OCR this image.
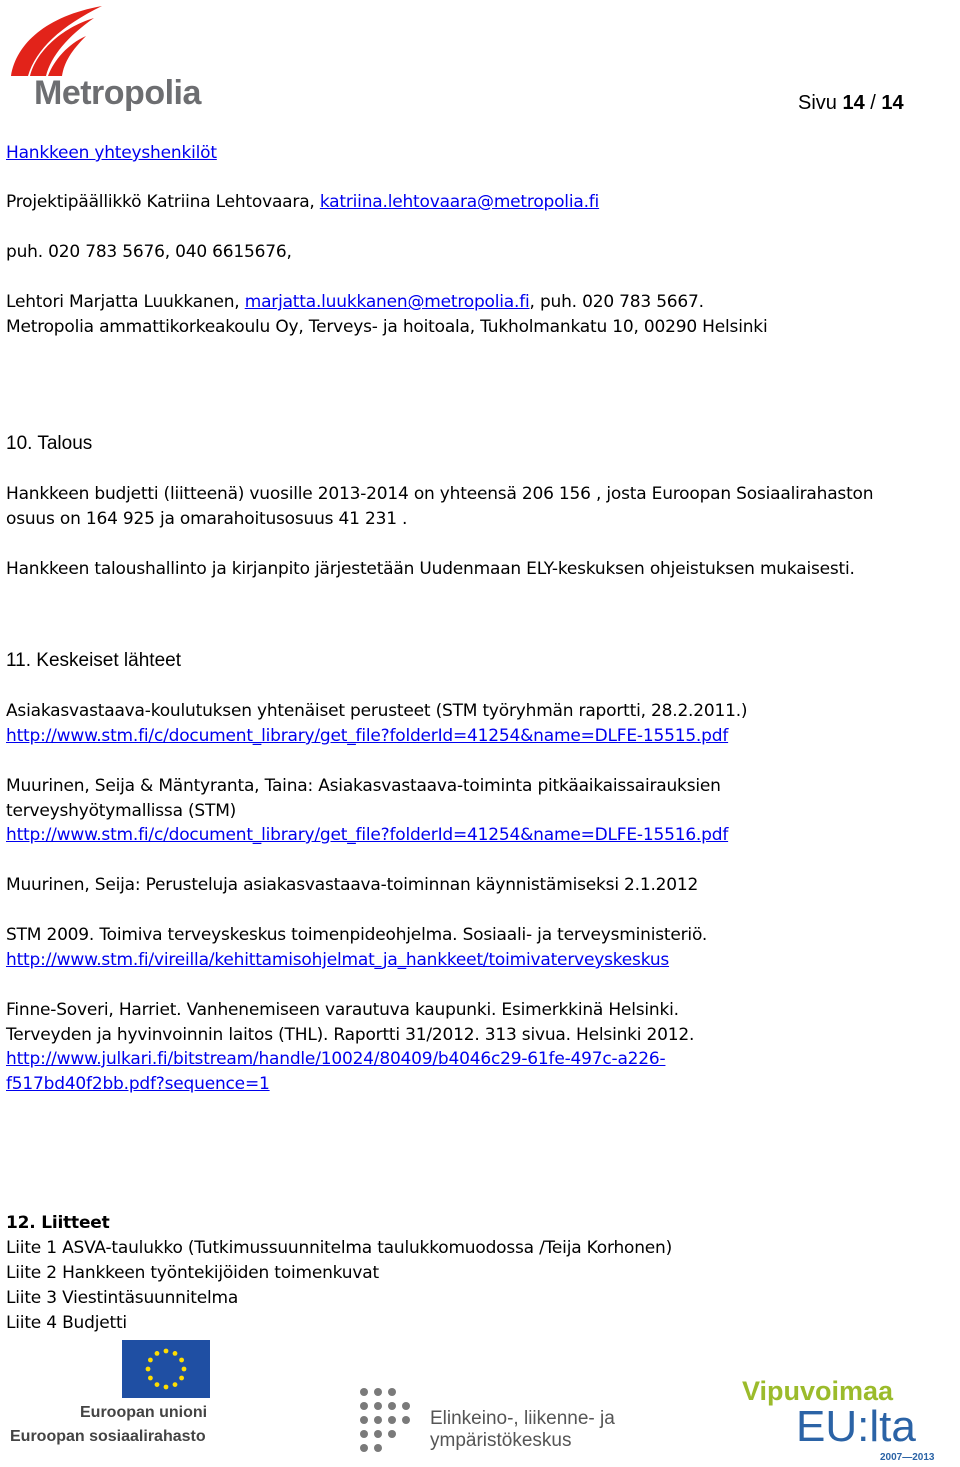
Metropolia	Sivu 14 / 14
Hankkeen yhteyshenkilöt
Projektipäällikkö Katriina Lehtovaara, katriina.lehtovaara@metropolia.fi
puh. 020 783 5676, 040 6615676,
Lehtori Marjatta Luukkanen, marjatta.luukkanen@metropolia.fi, puh. 020 783 5667.
Metropolia ammattikorkeakoulu Oy, Terveys- ja hoitoala, Tukholmankatu 10, 00290 Helsinki
10. Talous
Hankkeen budjetti (liitteenä) vuosille 2013-2014 on yhteensä 206 156 , josta Euroopan Sosiaalirahaston
osuus on 164 925 ja omarahoitusosuus 41 231 .
Hankkeen taloushallinto ja kirjanpito järjestetään Uudenmaan ELY-keskuksen ohjeistuksen mukaisesti.
11. Keskeiset lähteet
Asiakasvastaava-koulutuksen yhtenäiset perusteet (STM työryhmän raportti, 28.2.2011.)
http://www.stm.fi/c/document_library/get_file?folderId=41254&name=DLFE-15515.pdf
Muurinen, Seija & Mäntyranta, Taina: Asiakasvastaava-toiminta pitkäaikaissairauksien
terveyshyötymallissa (STM)
http://www.stm.fi/c/document_library/get_file?folderId=41254&name=DLFE-15516.pdf
Muurinen, Seija: Perusteluja asiakasvastaava-toiminnan käynnistämiseksi 2.1.2012
STM 2009. Toimiva terveyskeskus toimenpideohjelma. Sosiaali- ja terveysministeriö.
http://www.stm.fi/vireilla/kehittamisohjelmat_ja_hankkeet/toimivaterveyskeskus
Finne-Soveri, Harriet. Vanhenemiseen varautuva kaupunki. Esimerkkinä Helsinki.
Terveyden ja hyvinvoinnin laitos (THL). Raportti 31/2012. 313 sivua. Helsinki 2012.
http://www.julkari.fi/bitstream/handle/10024/80409/b4046c29-61fe-497c-a226-
f517bd40f2bb.pdf?sequence=1
12. Liitteet
Liite 1 ASVA-taulukko (Tutkimussuunnitelma taulukkomuodossa /Teija Korhonen)
Liite 2 Hankkeen työntekijöiden toimenkuvat
Liite 3 Viestintäsuunnitelma
Liite 4 Budjetti
Euroopan unioni
Euroopan sosiaalirahasto
Elinkeino-, liikenne- ja
ympäristökeskus
Vipuvoimaa
EU:lta
2007—2013
